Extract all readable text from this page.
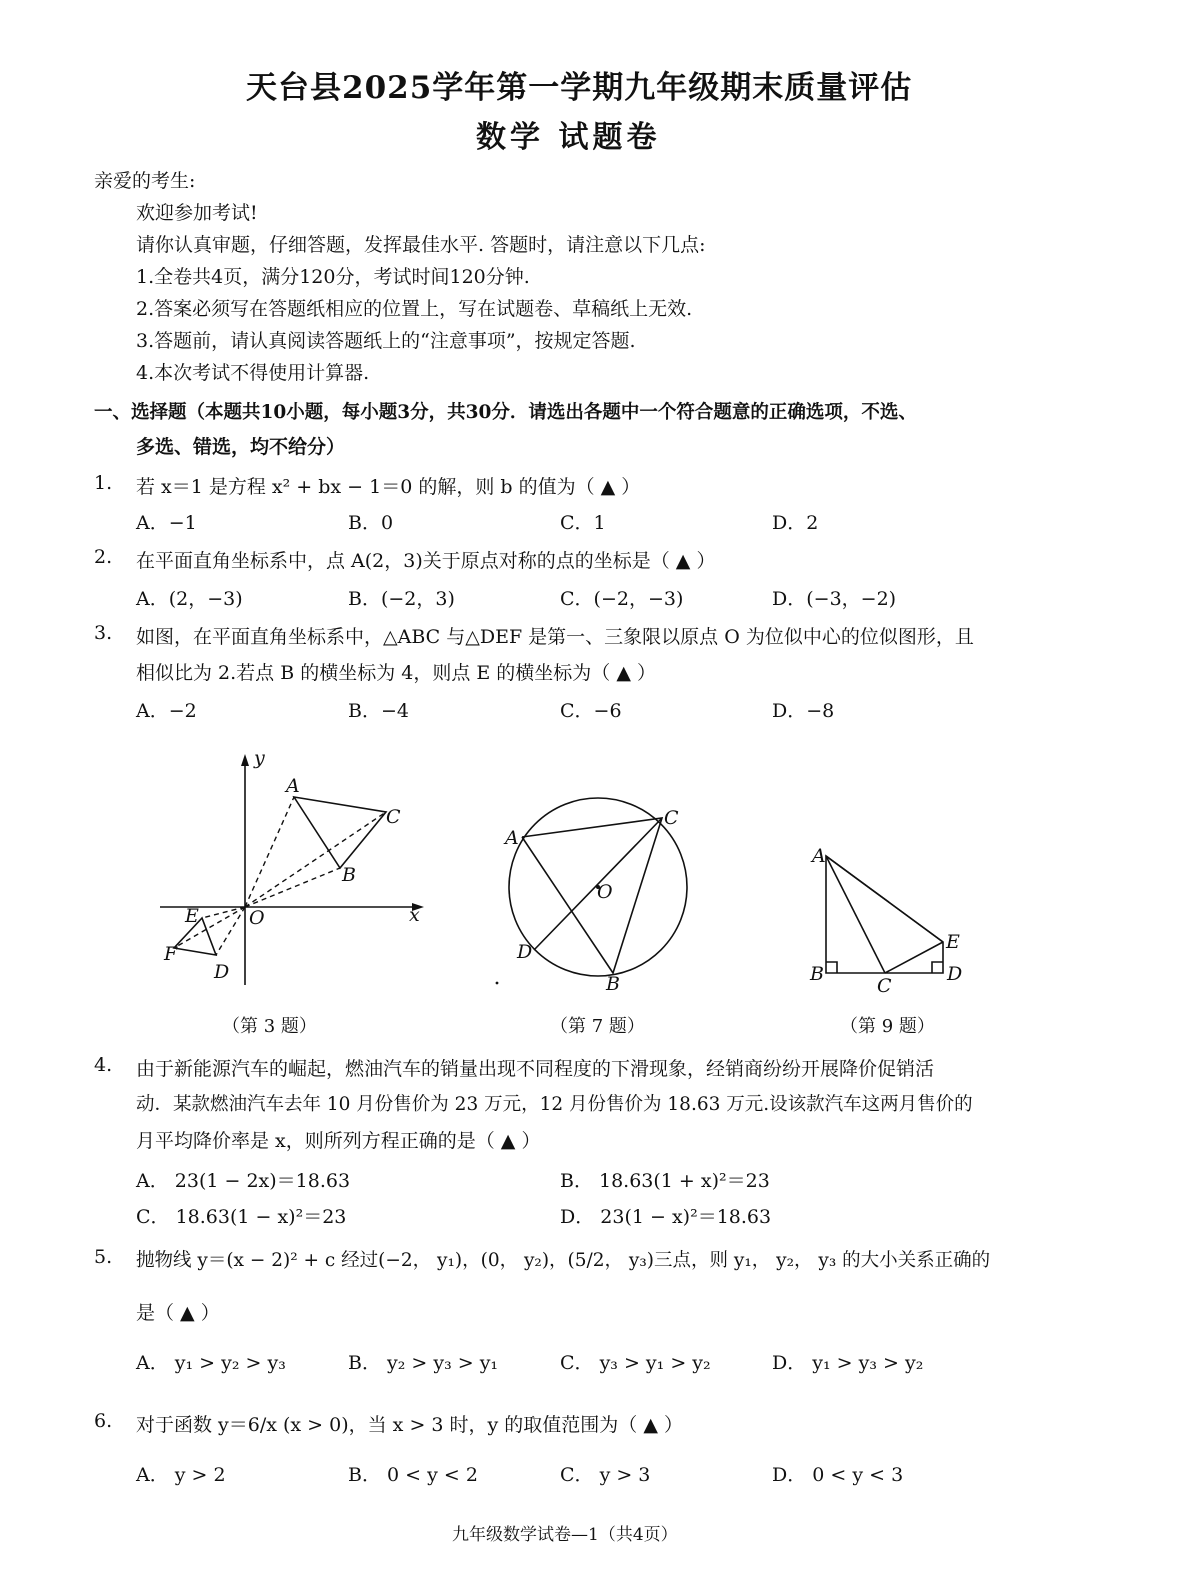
天台县2025学年第一学期九年级期末质量评估
数学 试题卷
亲爱的考生:
欢迎参加考试!
请你认真审题，仔细答题，发挥最佳水平. 答题时，请注意以下几点:
1.全卷共4页，满分120分，考试时间120分钟.
2.答案必须写在答题纸相应的位置上，写在试题卷、草稿纸上无效.
3.答题前，请认真阅读答题纸上的“注意事项”，按规定答题.
4.本次考试不得使用计算器.
一、选择题（本题共10小题，每小题3分，共30分．请选出各题中一个符合题意的正确选项，不选、
多选、错选，均不给分）
1. 若 x＝1 是方程 x² + bx − 1＝0 的解，则 b 的值为（ ▲ ）
A．−1	B．0	C．1	D．2
2. 在平面直角坐标系中，点 A(2，3)关于原点对称的点的坐标是（ ▲ ）
A．(2，−3)	B．(−2，3)	C．(−2，−3)	D．(−3，−2)
3. 如图，在平面直角坐标系中，△ABC 与△DEF 是第一、三象限以原点 O 为位似中心的位似图形，且
相似比为 2.若点 B 的横坐标为 4，则点 E 的横坐标为（ ▲ ）
A．−2	B．−4	C．−6	D．−8
y
A
C
B
O	x
E
F
D
A
C
O
D
B
A
E
B
C
D
（第 3 题）	（第 7 题）	（第 9 题）
4. 由于新能源汽车的崛起，燃油汽车的销量出现不同程度的下滑现象，经销商纷纷开展降价促销活
动．某款燃油汽车去年 10 月份售价为 23 万元，12 月份售价为 18.63 万元.设该款汽车这两月售价的
月平均降价率是 x，则所列方程正确的是（ ▲ ）
A． 23(1 − 2x)＝18.63	B． 18.63(1 + x)²＝23
C． 18.63(1 − x)²＝23	D． 23(1 − x)²＝18.63
5. 抛物线 y＝(x − 2)² + c 经过(−2， y₁)，(0， y₂)，(5/2， y₃)三点，则 y₁， y₂， y₃ 的大小关系正确的
是（ ▲ ）
A． y₁ > y₂ > y₃	B． y₂ > y₃ > y₁	C． y₃ > y₁ > y₂	D． y₁ > y₃ > y₂
6. 对于函数 y＝6/x (x > 0)，当 x > 3 时，y 的取值范围为（ ▲ ）
A． y > 2	B． 0 < y < 2	C． y > 3	D． 0 < y < 3
九年级数学试卷—1（共4页）
